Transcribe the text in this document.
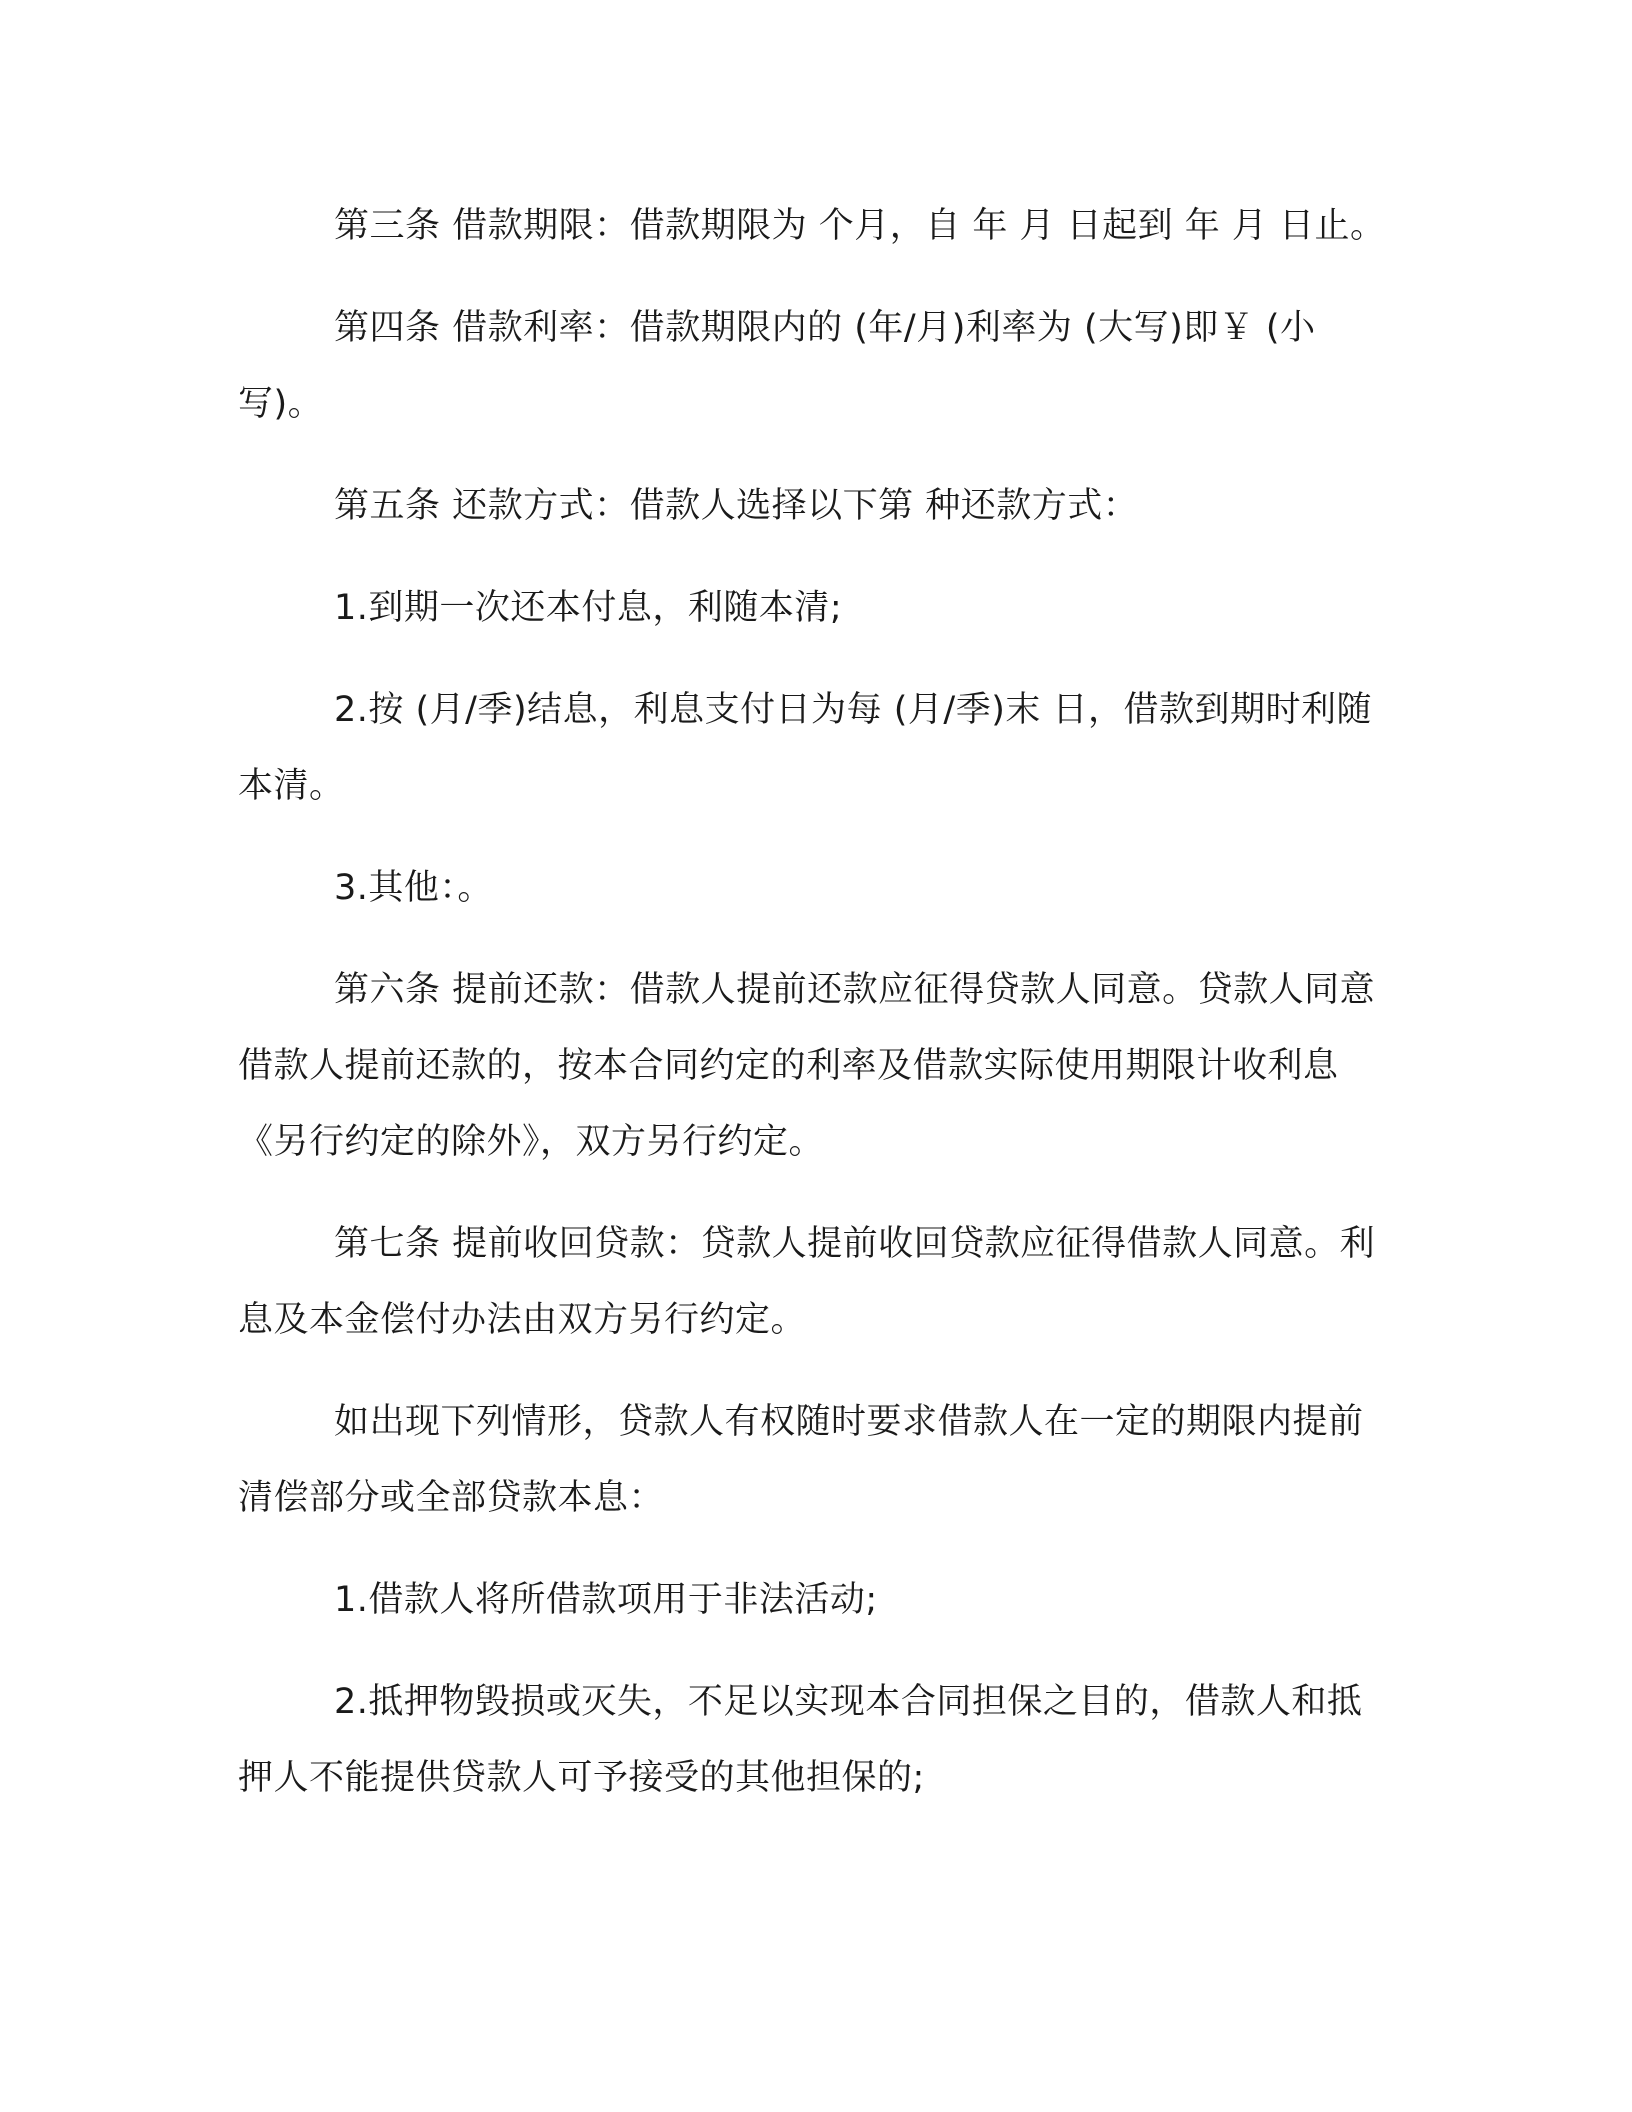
第三条 借款期限：借款期限为 个月，自 年 月 日起到 年 月 日止。

第四条 借款利率：借款期限内的 (年/月)利率为 (大写)即￥ (小写)。

第五条 还款方式：借款人选择以下第 种还款方式：

1.到期一次还本付息，利随本清;

2.按 (月/季)结息，利息支付日为每 (月/季)末 日，借款到期时利随本清。

3.其他：。

第六条 提前还款：借款人提前还款应征得贷款人同意。贷款人同意借款人提前还款的，按本合同约定的利率及借款实际使用期限计收利息《另行约定的除外》，双方另行约定。

第七条 提前收回贷款：贷款人提前收回贷款应征得借款人同意。利息及本金偿付办法由双方另行约定。

如出现下列情形，贷款人有权随时要求借款人在一定的期限内提前清偿部分或全部贷款本息：

1.借款人将所借款项用于非法活动;

2.抵押物毁损或灭失，不足以实现本合同担保之目的，借款人和抵押人不能提供贷款人可予接受的其他担保的;
